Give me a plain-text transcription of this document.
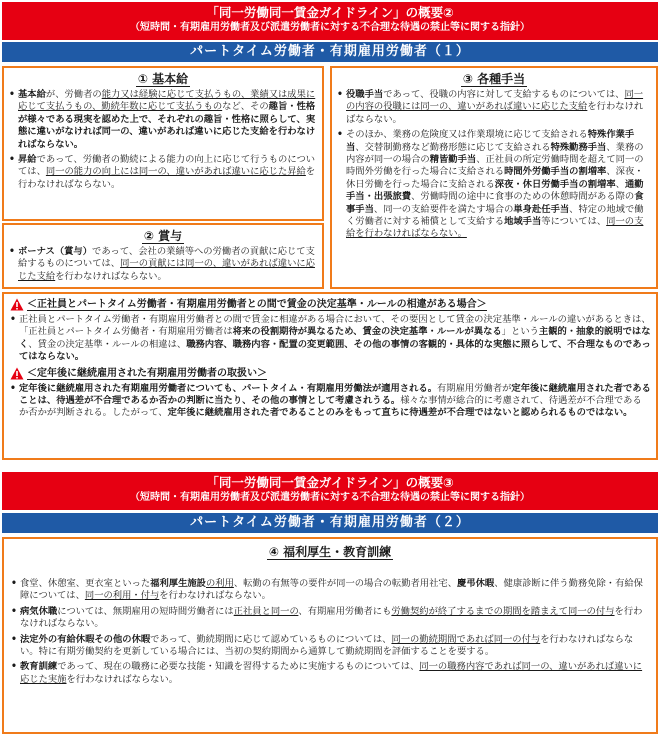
「同一労働同一賃金ガイドライン」の概要②
（短時間・有期雇用労働者及び派遣労働者に対する不合理な待遇の禁止等に関する指針）
パートタイム労働者・有期雇用労働者（１）
① 基本給
• 基本給が、労働者の能力又は経験に応じて支払うもの、業績又は成果に応じて支払うもの、勤続年数に応じて支払うものなど、その趣旨・性格が様々である現実を認めた上で、それぞれの趣旨・性格に照らして、実態に違いがなければ同一の、違いがあれば違いに応じた支給を行わなければならない。
• 昇給であって、労働者の勤続による能力の向上に応じて行うものについては、同一の能力の向上には同一の、違いがあれば違いに応じた昇給を行わなければならない。
② 賞与
• ボーナス（賞与）であって、会社の業績等への労働者の貢献に応じて支給するものについては、同一の貢献には同一の、違いがあれば違いに応じた支給を行わなければならない。
③ 各種手当
• 役職手当であって、役職の内容に対して支給するものについては、同一の内容の役職には同一の、違いがあれば違いに応じた支給を行わなければならない。
• そのほか、業務の危険度又は作業環境に応じて支給される特殊作業手当、交替制勤務など勤務形態に応じて支給される特殊勤務手当、業務の内容が同一の場合の精皆勤手当、正社員の所定労働時間を超えて同一の時間外労働を行った場合に支給される時間外労働手当の割増率、深夜・休日労働を行った場合に支給される深夜・休日労働手当の割増率、通勤手当・出張旅費、労働時間の途中に食事のための休憩時間がある際の食事手当、同一の支給要件を満たす場合の単身赴任手当、特定の地域で働く労働者に対する補償として支給する地域手当等については、同一の支給を行わなければならない。
＜正社員とパートタイム労働者・有期雇用労働者との間で賃金の決定基準・ルールの相違がある場合＞
• 正社員とパートタイム労働者・有期雇用労働者との間で賃金に相違がある場合において、その要因として賃金の決定基準・ルールの違いがあるときは、「正社員とパートタイム労働者・有期雇用労働者は将来の役割期待が異なるため、賃金の決定基準・ルールが異なる」という主観的・抽象的説明ではなく、賃金の決定基準・ルールの相違は、職務内容、職務内容・配置の変更範囲、その他の事情の客観的・具体的な実態に照らして、不合理なものであってはならない。
＜定年後に継続雇用された有期雇用労働者の取扱い＞
• 定年後に継続雇用された有期雇用労働者についても、パートタイム・有期雇用労働法が適用される。有期雇用労働者が定年後に継続雇用された者であることは、待遇差が不合理であるか否かの判断に当たり、その他の事情として考慮されうる。様々な事情が総合的に考慮されて、待遇差が不合理であるか否かが判断される。したがって、定年後に継続雇用された者であることのみをもって直ちに待遇差が不合理ではないと認められるものではない。
「同一労働同一賃金ガイドライン」の概要③
（短時間・有期雇用労働者及び派遣労働者に対する不合理な待遇の禁止等に関する指針）
パートタイム労働者・有期雇用労働者（２）
④ 福利厚生・教育訓練
• 食堂、休憩室、更衣室といった福利厚生施設の利用、転勤の有無等の要件が同一の場合の転勤者用社宅、慶弔休暇、健康診断に伴う勤務免除・有給保障については、同一の利用・付与を行わなければならない。
• 病気休職については、無期雇用の短時間労働者には正社員と同一の、有期雇用労働者にも労働契約が終了するまでの期間を踏まえて同一の付与を行わなければならない。
• 法定外の有給休暇その他の休暇であって、勤続期間に応じて認めているものについては、同一の勤続期間であれば同一の付与を行わなければならない。特に有期労働契約を更新している場合には、当初の契約期間から通算して勤続期間を評価することを要する。
• 教育訓練であって、現在の職務に必要な技能・知識を習得するために実施するものについては、同一の職務内容であれば同一の、違いがあれば違いに応じた実施を行わなければならない。
